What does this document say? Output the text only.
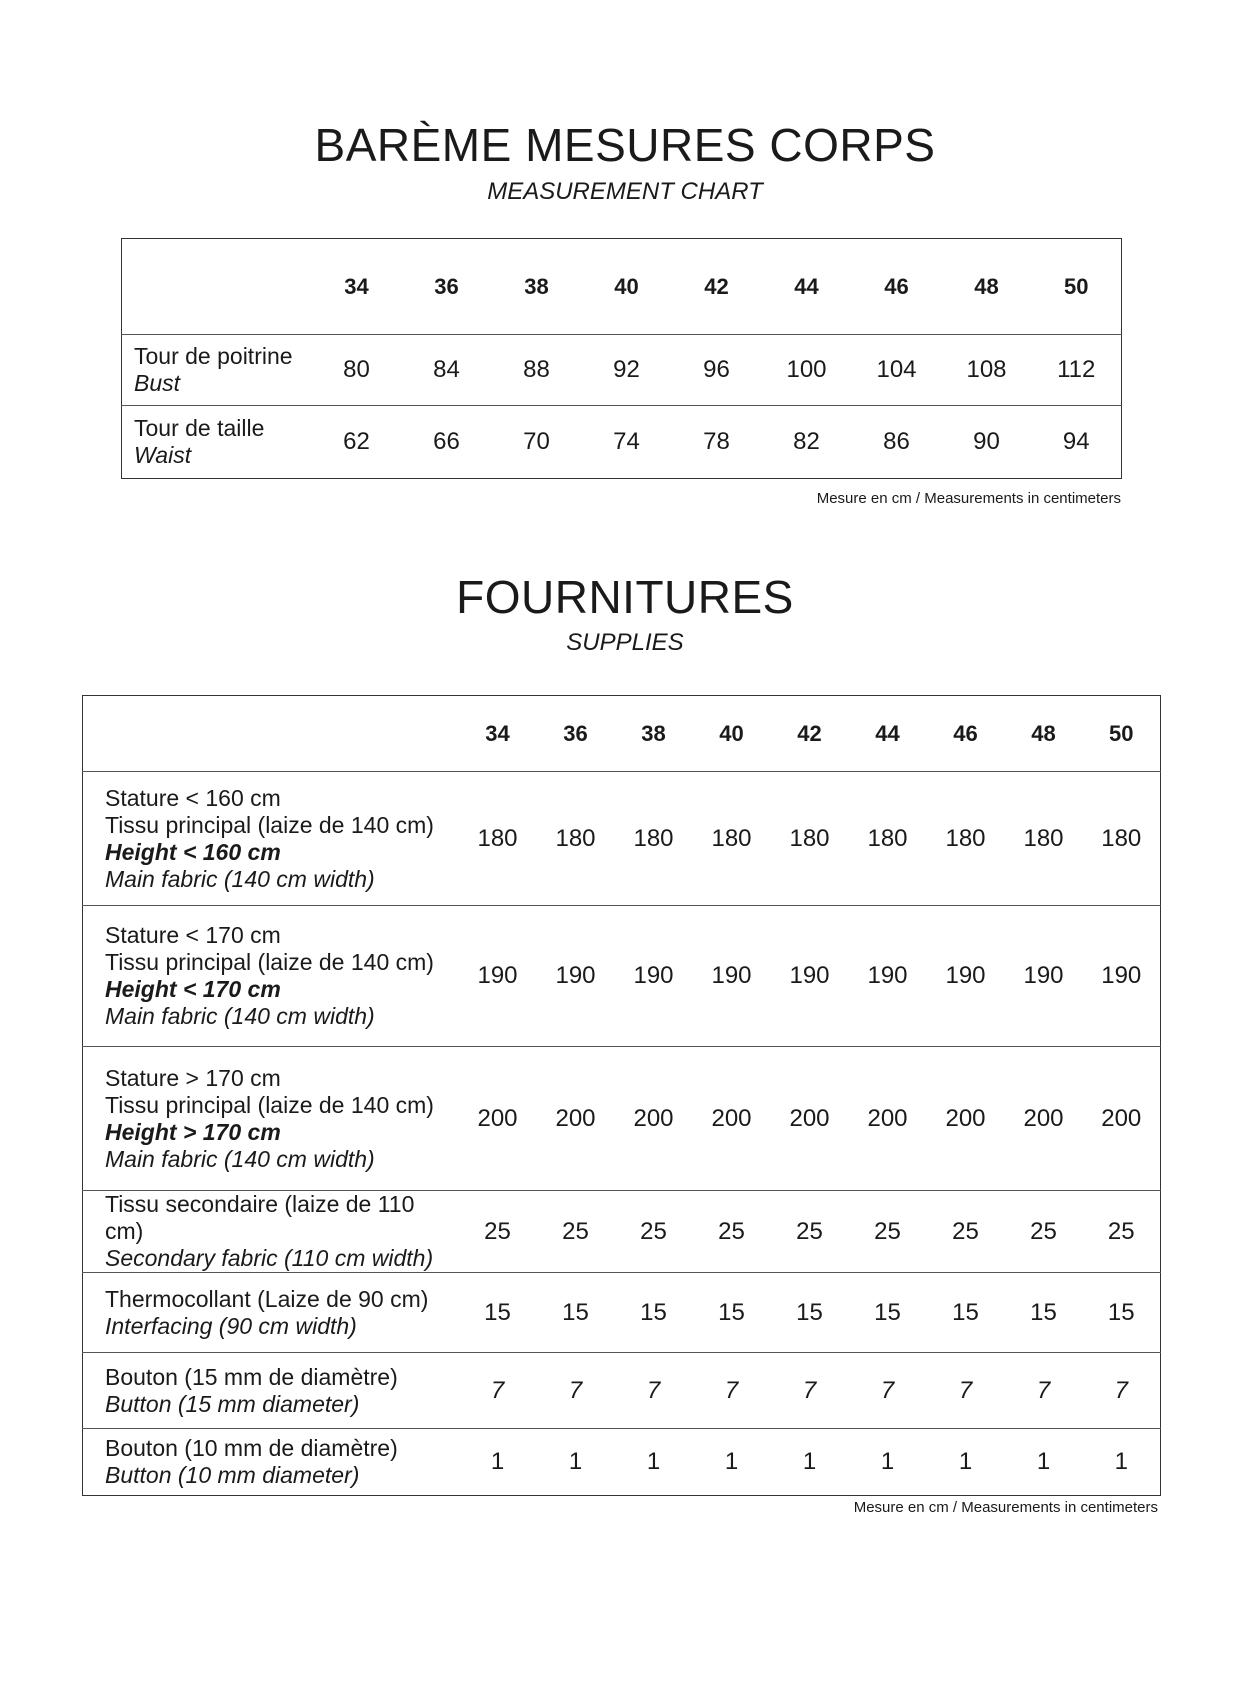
BARÈME MESURES CORPS
MEASUREMENT CHART
	34	36	38	40	42	44	46	48	50

Tour de poitrine
Bust	80	84	88	92	96	100	104	108	112

Tour de taille
Waist	62	66	70	74	78	82	86	90	94
Mesure en cm / Measurements in centimeters
FOURNITURES
SUPPLIES
	34	36	38	40	42	44	46	48	50

Stature < 160 cm
Tissu principal (laize de 140 cm)
Height < 160 cm
Main fabric (140 cm width)	180	180	180	180	180	180	180	180	180

Stature < 170 cm
Tissu principal (laize de 140 cm)
Height < 170 cm
Main fabric (140 cm width)	190	190	190	190	190	190	190	190	190

Stature > 170 cm
Tissu principal (laize de 140 cm)
Height > 170 cm
Main fabric (140 cm width)	200	200	200	200	200	200	200	200	200

Tissu secondaire (laize de 110 cm)
Secondary fabric (110 cm width)	25	25	25	25	25	25	25	25	25

Thermocollant (Laize de 90 cm)
Interfacing (90 cm width)	15	15	15	15	15	15	15	15	15

Bouton (15 mm de diamètre)
Button (15 mm diameter)	7	7	7	7	7	7	7	7	7

Bouton (10 mm de diamètre)
Button (10 mm diameter)	1	1	1	1	1	1	1	1	1
Mesure en cm / Measurements in centimeters
